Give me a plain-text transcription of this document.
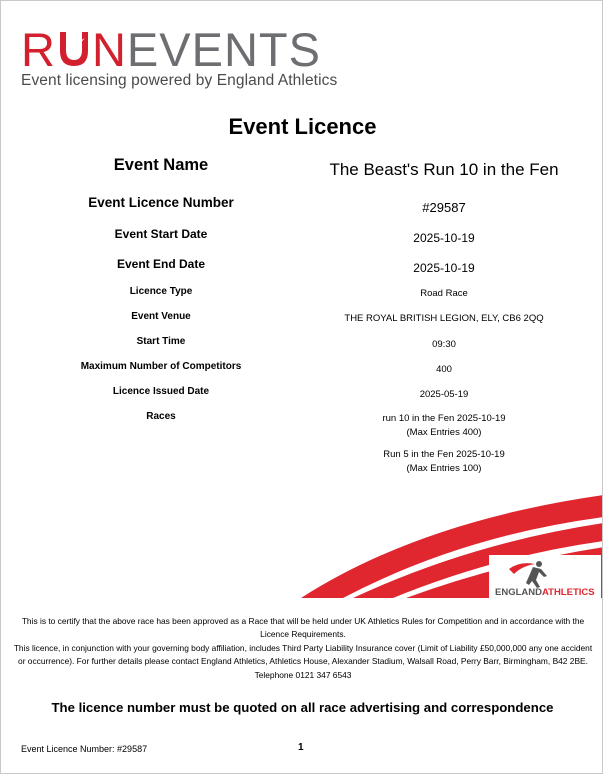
R NEVENTS
Event licensing powered by England Athletics
Event Licence
Event Name	The Beast's Run 10 in the Fen
Event Licence Number	#29587
Event Start Date	2025-10-19
Event End Date	2025-10-19
Licence Type	Road Race
Event Venue	THE ROYAL BRITISH LEGION, ELY, CB6 2QQ
Start Time	09:30
Maximum Number of Competitors	400
Licence Issued Date	2025-05-19
Races	run 10 in the Fen 2025-10-19
(Max Entries 400)
Run 5 in the Fen 2025-10-19
(Max Entries 100)
ENGLANDATHLETICS
This is to certify that the above race has been approved as a Race that will be held under UK Athletics Rules for Competition and in accordance with the Licence Requirements.
This licence, in conjunction with your governing body affiliation, includes Third Party Liability Insurance cover (Limit of Liability £50,000,000 any one accident or occurrence). For further details please contact England Athletics, Athletics House, Alexander Stadium, Walsall Road, Perry Barr, Birmingham, B42 2BE. Telephone 0121 347 6543
The licence number must be quoted on all race advertising and correspondence
Event Licence Number: #29587	1
